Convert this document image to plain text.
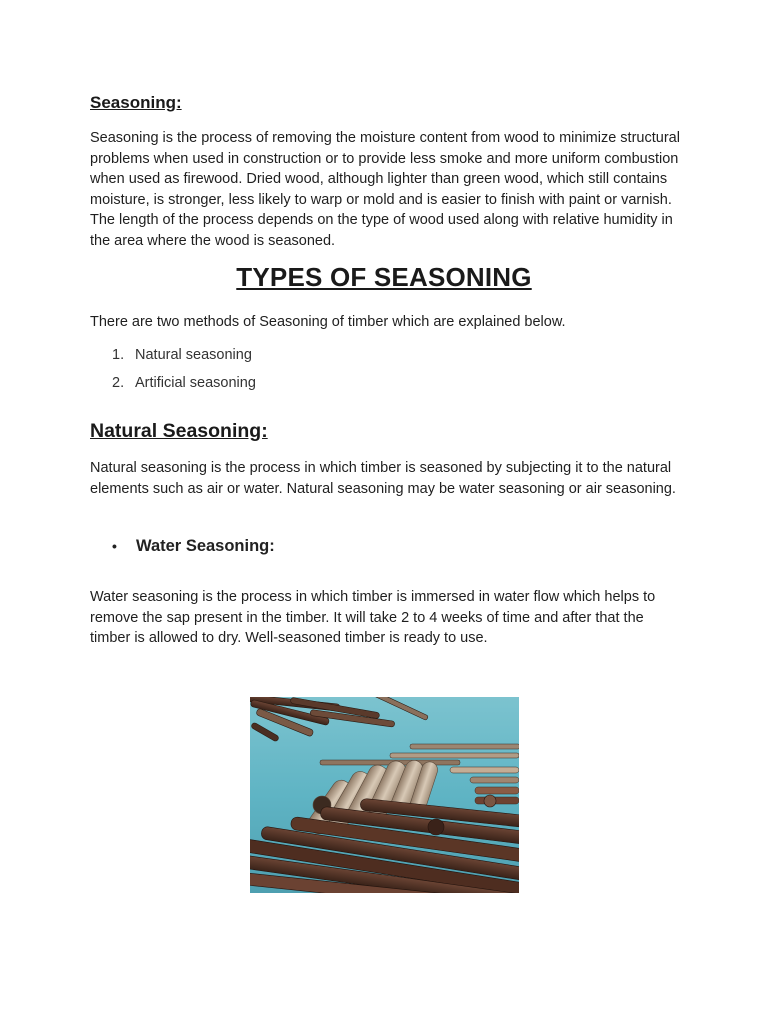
Seasoning:

Seasoning is the process of removing the moisture content from wood to minimize structural problems when used in construction or to provide less smoke and more uniform combustion when used as firewood. Dried wood, although lighter than green wood, which still contains moisture, is stronger, less likely to warp or mold and is easier to finish with paint or varnish. The length of the process depends on the type of wood used along with relative humidity in the area where the wood is seasoned.

TYPES OF SEASONING

There are two methods of Seasoning of timber which are explained below.

1. Natural seasoning
2. Artificial seasoning
Natural Seasoning:

Natural seasoning is the process in which timber is seasoned by subjecting it to the natural elements such as air or water. Natural seasoning may be water seasoning or air seasoning.

• Water Seasoning:

Water seasoning is the process in which timber is immersed in water flow which helps to remove the sap present in the timber. It will take 2 to 4 weeks of time and after that the timber is allowed to dry. Well-seasoned timber is ready to use.
